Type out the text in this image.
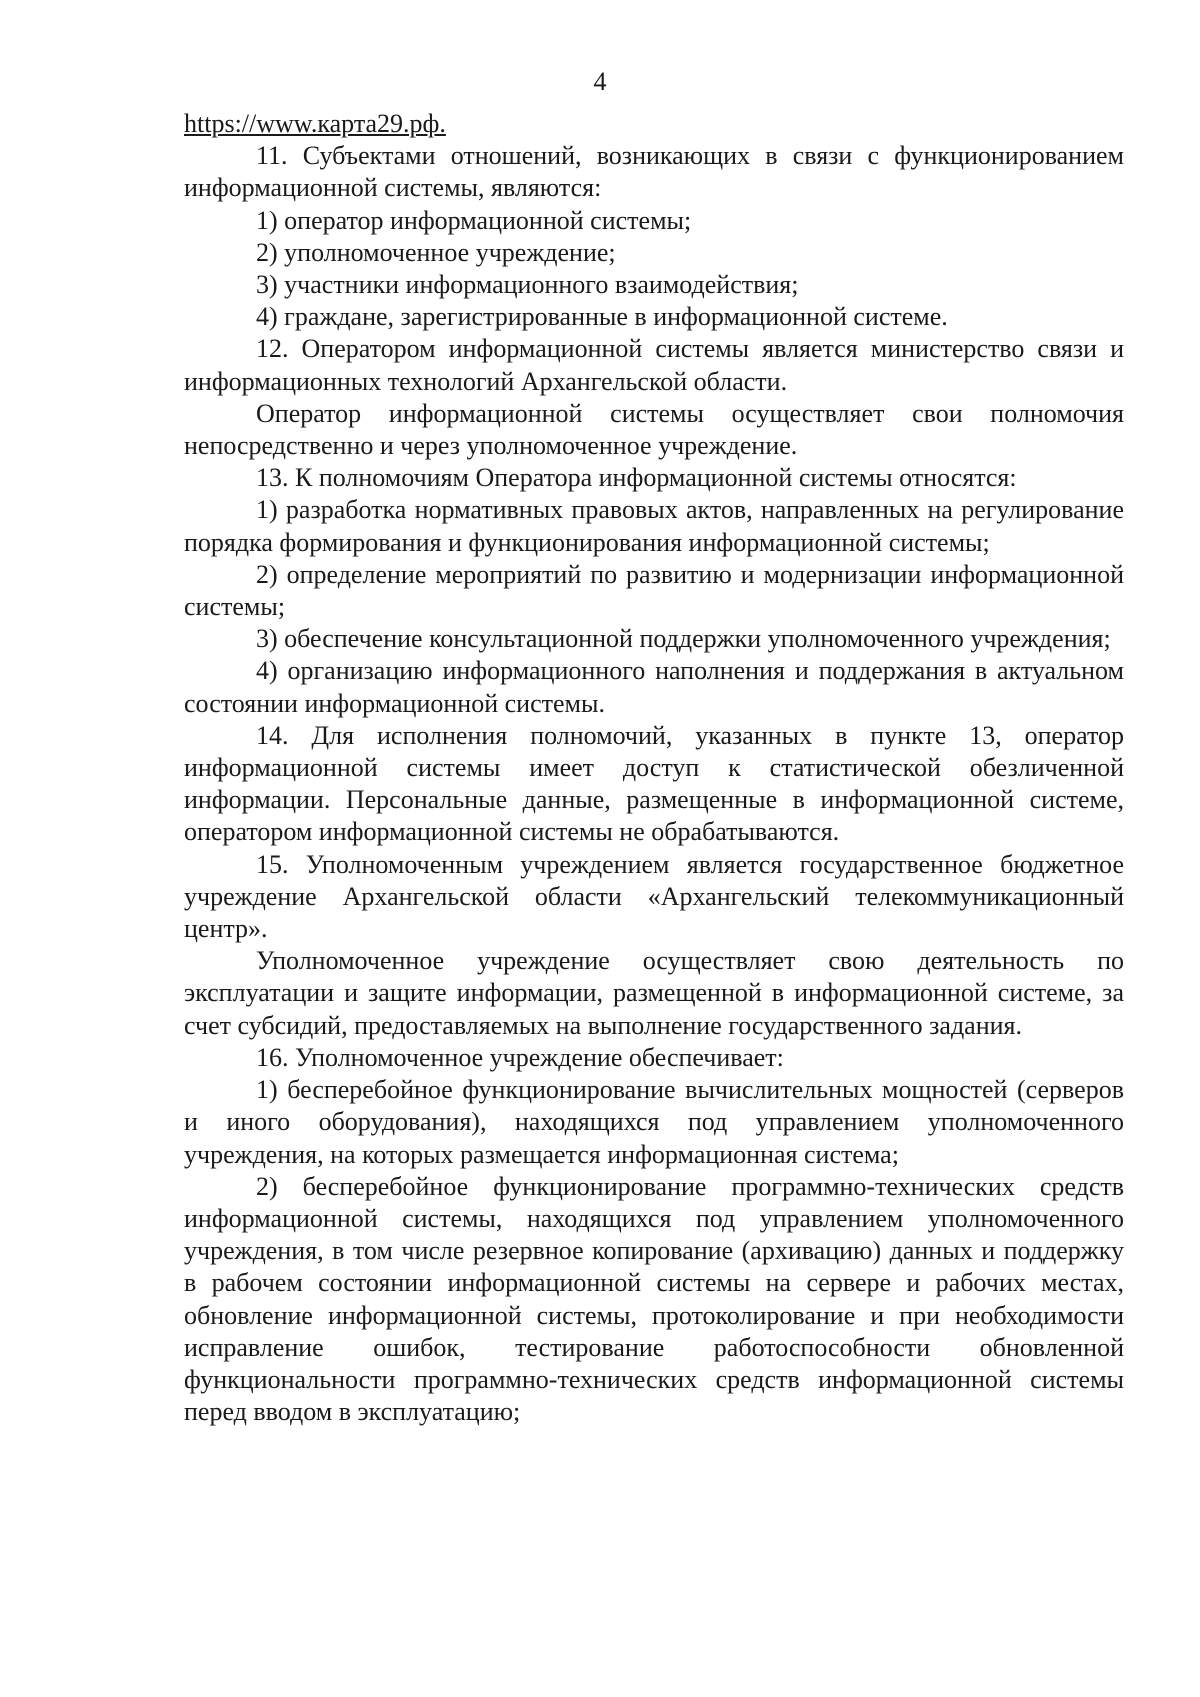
4

https://www.карта29.рф.

11. Субъектами отношений, возникающих в связи с функционированием информационной системы, являются:

1) оператор информационной системы;

2) уполномоченное учреждение;

3) участники информационного взаимодействия;

4) граждане, зарегистрированные в информационной системе.

12. Оператором информационной системы является министерство связи и информационных технологий Архангельской области.

Оператор информационной системы осуществляет свои полномочия непосредственно и через уполномоченное учреждение.

13. К полномочиям Оператора информационной системы относятся:

1) разработка нормативных правовых актов, направленных на регулирование порядка формирования и функционирования информационной системы;

2) определение мероприятий по развитию и модернизации информационной системы;

3) обеспечение консультационной поддержки уполномоченного учреждения;

4) организацию информационного наполнения и поддержания в актуальном состоянии информационной системы.

14. Для исполнения полномочий, указанных в пункте 13, оператор информационной системы имеет доступ к статистической обезличенной информации. Персональные данные, размещенные в информационной системе, оператором информационной системы не обрабатываются.

15. Уполномоченным учреждением является государственное бюджетное учреждение Архангельской области «Архангельский телекоммуникационный центр».

Уполномоченное учреждение осуществляет свою деятельность по эксплуатации и защите информации, размещенной в информационной системе, за счет субсидий, предоставляемых на выполнение государственного задания.

16. Уполномоченное учреждение обеспечивает:

1) бесперебойное функционирование вычислительных мощностей (серверов и иного оборудования), находящихся под управлением уполномоченного учреждения, на которых размещается информационная система;

2) бесперебойное функционирование программно-технических средств информационной системы, находящихся под управлением уполномоченного учреждения, в том числе резервное копирование (архивацию) данных и поддержку в рабочем состоянии информационной системы на сервере и рабочих местах, обновление информационной системы, протоколирование и при необходимости исправление ошибок, тестирование работоспособности обновленной функциональности программно-технических средств информационной системы перед вводом в эксплуатацию;
